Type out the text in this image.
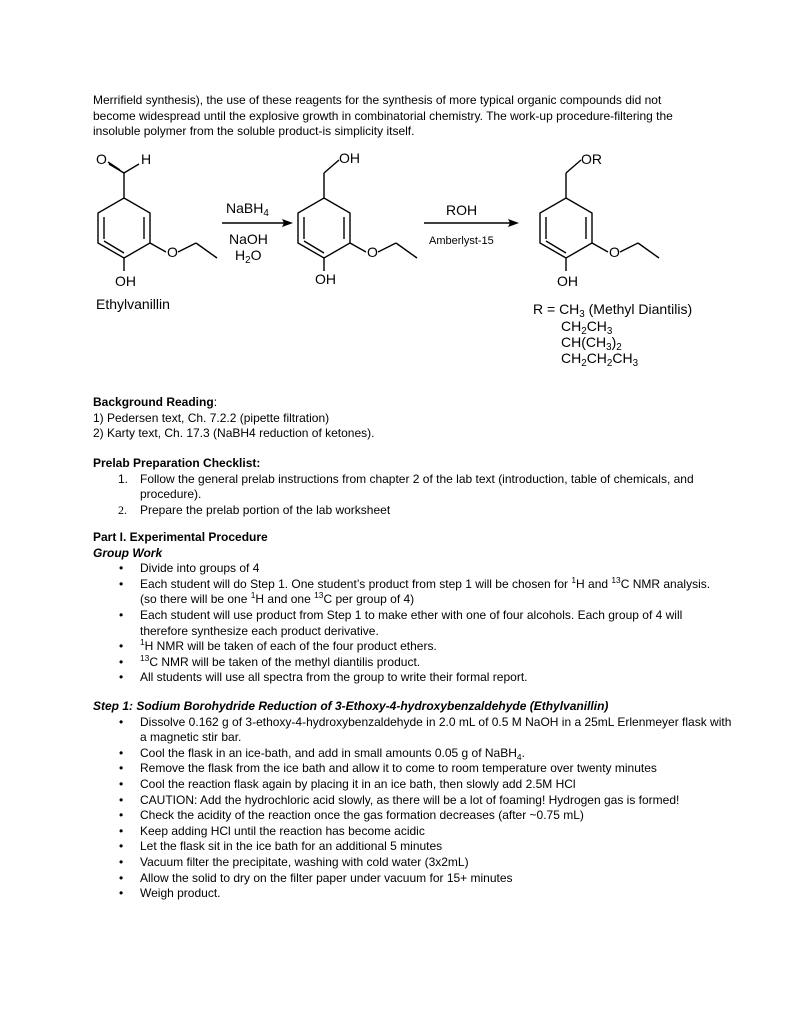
Merrifield synthesis), the use of these reagents for the synthesis of more typical organic compounds did not become widespread until the explosive growth in combinatorial chemistry. The work-up procedure-filtering the insoluble polymer from the soluble product-is simplicity itself.
O H
O
OH
Ethylvanillin
NaBH$_4$
NaOH
$H_2O$
OH
O
OH
ROH
Amberlyst-15
OR
O
OH
$R = CH_3$ (Methyl Diantilis)
$CH_2CH_3$
$CH(CH_3)_2$
$CH_2CH_2CH_3$
Background Reading:
1) Pedersen text, Ch. 7.2.2 (pipette filtration)
2) Karty text, Ch. 17.3 (NaBH4 reduction of ketones).
Prelab Preparation Checklist:
1. Follow the general prelab instructions from chapter 2 of the lab text (introduction, table of chemicals, and procedure).
2. Prepare the prelab portion of the lab worksheet
Part I. Experimental Procedure
Group Work
• Divide into groups of 4
• Each student will do Step 1. One student’s product from step 1 will be chosen for $^1$H and $^{13}$C NMR analysis. (so there will be one $^1$H and one $^{13}$C per group of 4)
• Each student will use product from Step 1 to make ether with one of four alcohols. Each group of 4 will therefore synthesize each product derivative.
• $^1$H NMR will be taken of each of the four product ethers.
• $^{13}$C NMR will be taken of the methyl diantilis product.
• All students will use all spectra from the group to write their formal report.
Step 1: Sodium Borohydride Reduction of 3-Ethoxy-4-hydroxybenzaldehyde (Ethylvanillin)
• Dissolve 0.162 g of 3-ethoxy-4-hydroxybenzaldehyde in 2.0 mL of 0.5 M NaOH in a 25mL Erlenmeyer flask with a magnetic stir bar.
• Cool the flask in an ice-bath, and add in small amounts 0.05 g of NaBH$_4$.
• Remove the flask from the ice bath and allow it to come to room temperature over twenty minutes
• Cool the reaction flask again by placing it in an ice bath, then slowly add 2.5M HCl
• CAUTION: Add the hydrochloric acid slowly, as there will be a lot of foaming! Hydrogen gas is formed!
• Check the acidity of the reaction once the gas formation decreases (after ~0.75 mL)
• Keep adding HCl until the reaction has become acidic
• Let the flask sit in the ice bath for an additional 5 minutes
• Vacuum filter the precipitate, washing with cold water (3x2mL)
• Allow the solid to dry on the filter paper under vacuum for 15+ minutes
• Weigh product.
